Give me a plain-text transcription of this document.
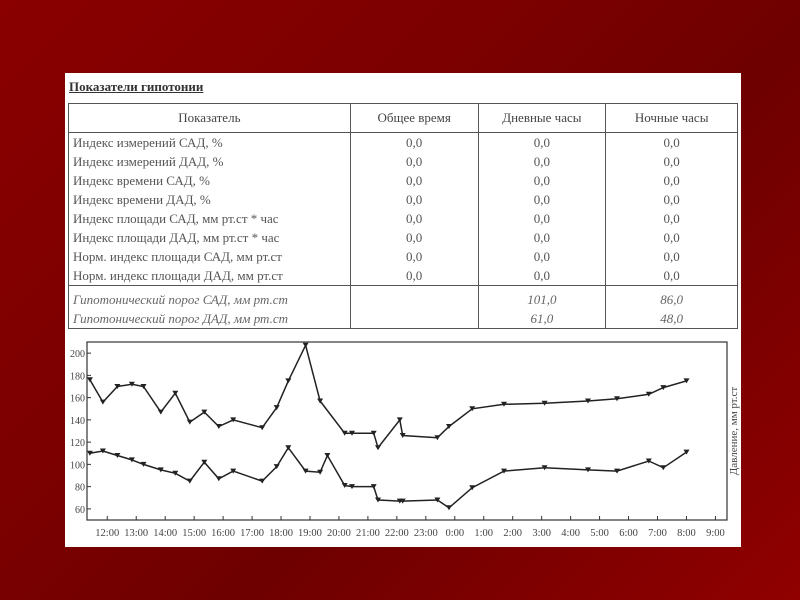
Показатели гипотонии
Показатель	Общее время	Дневные часы	Ночные часы
Индекс измерений САД, %	0,0	0,0	0,0
Индекс измерений ДАД, %	0,0	0,0	0,0
Индекс времени САД, %	0,0	0,0	0,0
Индекс времени ДАД, %	0,0	0,0	0,0
Индекс площади САД, мм рт.ст * час	0,0	0,0	0,0
Индекс площади ДАД, мм рт.ст * час	0,0	0,0	0,0
Норм. индекс площади САД, мм рт.ст	0,0	0,0	0,0
Норм. индекс площади ДАД, мм рт.ст	0,0	0,0	0,0
Гипотонический порог САД, мм рт.ст		101,0	86,0
Гипотонический порог ДАД, мм рт.ст		61,0	48,0
60
80
100
120
140
160
180
200
12:00 13:00 14:00 15:00 16:00 17:00 18:00 19:00 20:00 21:00 22:00 23:00 0:00 1:00 2:00 3:00 4:00 5:00 6:00 7:00 8:00 9:00
Давление, мм рт.ст
